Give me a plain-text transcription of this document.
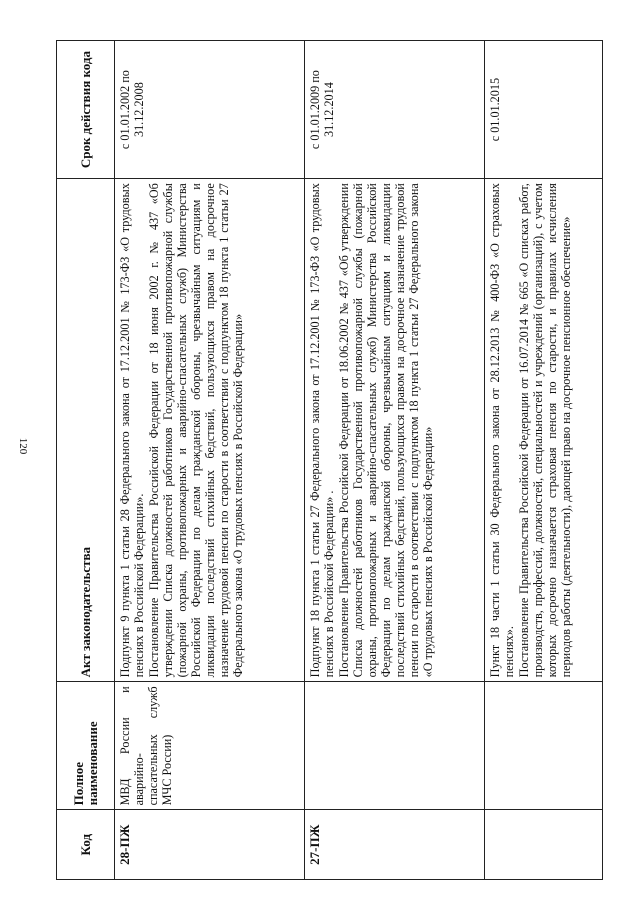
120
Код	Полное наименование	Акт законодательства	Срок действия кода
28-ПЖ	МВД России и аварийно-спасательных служб МЧС России)	Подпункт 9 пункта 1 статьи 28 Федерального закона от 17.12.2001 № 173-ФЗ «О трудовых пенсиях в Российской Федерации». Постановление Правительства Российской Федерации от 18 июня 2002 г. № 437 «Об утверждении Списка должностей работников Государственной противопожарной службы (пожарной охраны, противопожарных и аварийно-спасательных служб) Министерства Российской Федерации по делам гражданской обороны, чрезвычайным ситуациям и ликвидации последствий стихийных бедствий, пользующихся правом на досрочное назначение трудовой пенсии по старости в соответствии с подпунктом 18 пункта 1 статьи 27 Федерального закона «О трудовых пенсиях в Российской Федерации»	с 01.01.2002 по 31.12.2008
27-ПЖ		Подпункт 18 пункта 1 статьи 27 Федерального закона от 17.12.2001 № 173-ФЗ «О трудовых пенсиях в Российской Федерации» . Постановление Правительства Российской Федерации от 18.06.2002 № 437 «Об утверждении Списка должностей работников Государственной противопожарной службы (пожарной охраны, противопожарных и аварийно-спасательных служб) Министерства Российской Федерации по делам гражданской обороны, чрезвычайным ситуациям и ликвидации последствий стихийных бедствий, пользующихся правом на досрочное назначение трудовой пенсии по старости в соответствии с подпунктом 18 пункта 1 статьи 27 Федерального закона «О трудовых пенсиях в Российской Федерации»	с 01.01.2009 по 31.12.2014

		Пункт 18 части 1 статьи 30 Федерального закона от 28.12.2013 № 400-ФЗ «О страховых пенсиях». Постановление Правительства Российской Федерации от 16.07.2014 № 665 «О списках работ, производств, профессий, должностей, специальностей и учреждений (организаций), с учетом которых досрочно назначается страховая пенсия по старости, и правилах исчисления периодов работы (деятельности), дающей право на досрочное пенсионное обеспечение»	с 01.01.2015
